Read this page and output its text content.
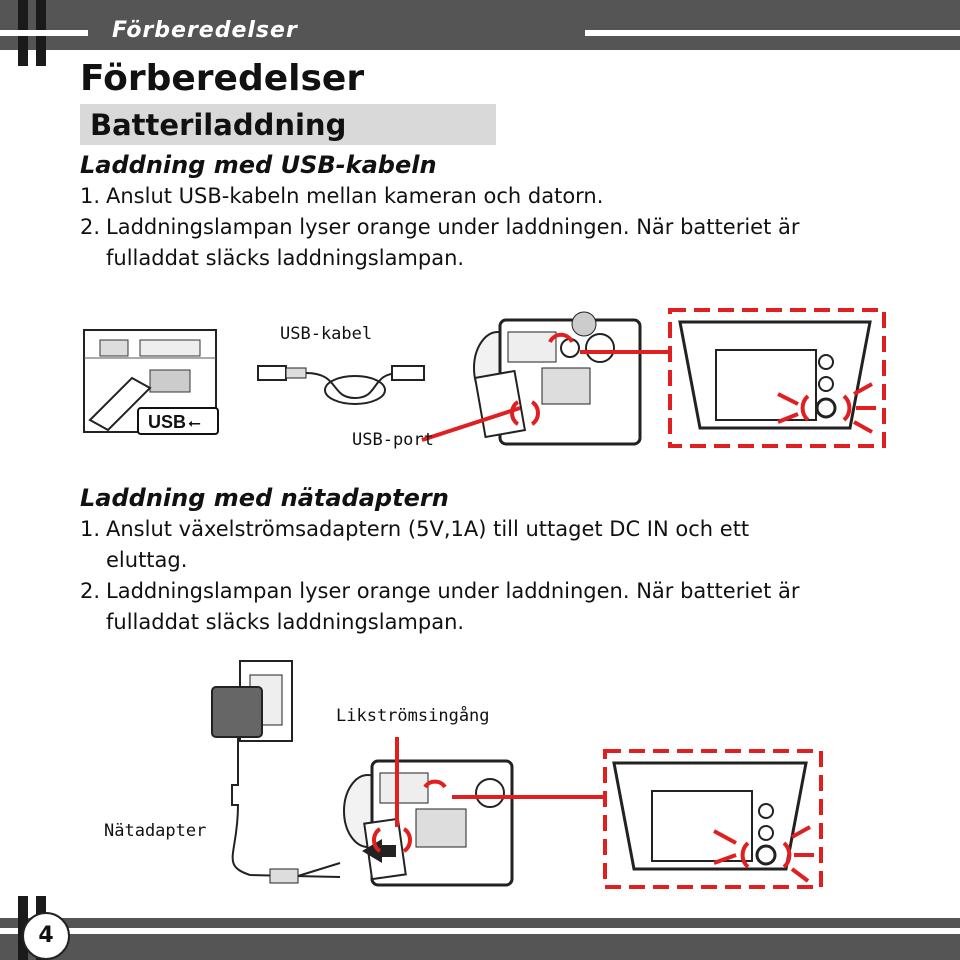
Förberedelser
Förberedelser
Batteriladdning
Laddning med USB-kabeln
1. Anslut USB-kabeln mellan kameran och datorn.
2. Laddningslampan lyser orange under laddningen. När batteriet är
fulladdat släcks laddningslampan.
USB ⭠
USB-kabel
USB-port
Laddning med nätadaptern
1. Anslut växelströmsadaptern (5V,1A) till uttaget DC IN och ett
eluttag.
2. Laddningslampan lyser orange under laddningen. När batteriet är
fulladdat släcks laddningslampan.
Likströmsingång
Nätadapter
4
